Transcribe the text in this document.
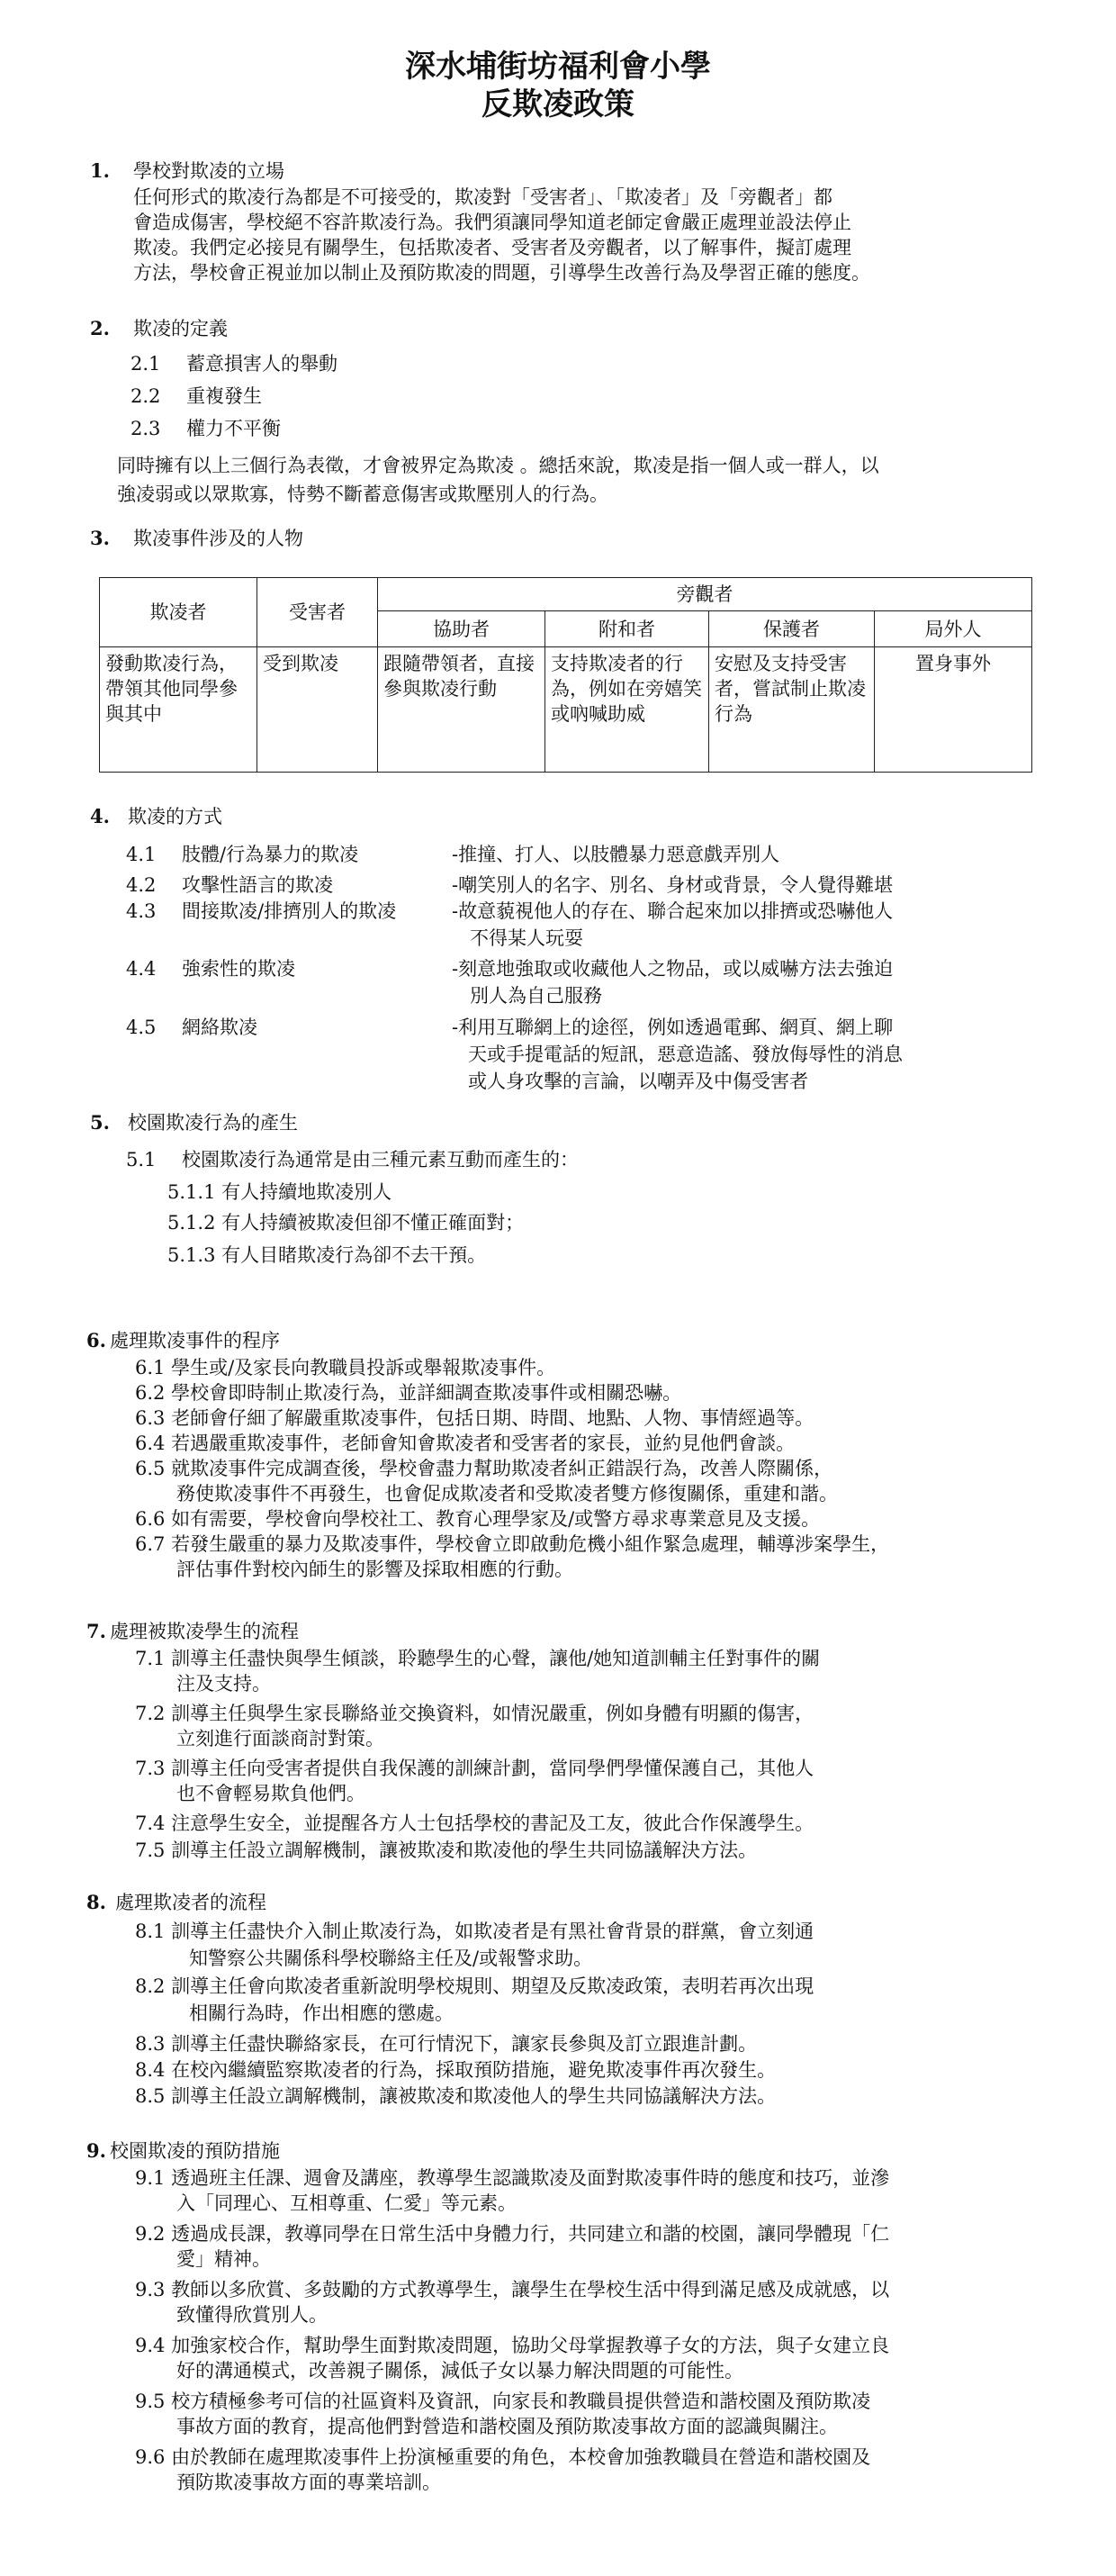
深水埔街坊福利會小學
反欺凌政策
1. 學校對欺凌的立場
任何形式的欺凌行為都是不可接受的，欺凌對「受害者」、「欺凌者」及「旁觀者」都
會造成傷害，學校絕不容許欺凌行為。我們須讓同學知道老師定會嚴正處理並設法停止
欺凌。我們定必接見有關學生，包括欺凌者、受害者及旁觀者，以了解事件，擬訂處理
方法，學校會正視並加以制止及預防欺凌的問題，引導學生改善行為及學習正確的態度。
2. 欺凌的定義
2.1 蓄意損害人的舉動
2.2 重複發生
2.3 權力不平衡
同時擁有以上三個行為表徵，才會被界定為欺凌 。總括來說，欺凌是指一個人或一群人，以
強凌弱或以眾欺寡，恃勢不斷蓄意傷害或欺壓別人的行為。
3. 欺凌事件涉及的人物
欺凌者	受害者	旁觀者			
		協助者	附和者	保護者	局外人
發動欺凌行為，帶領其他同學參與其中	受到欺凌	跟隨帶領者，直接參與欺凌行動	支持欺凌者的行為，例如在旁嬉笑或吶喊助威	安慰及支持受害者，嘗試制止欺凌行為	置身事外
4. 欺凌的方式
4.1 肢體/行為暴力的欺凌	-推撞、打人、以肢體暴力惡意戲弄別人
4.2 攻擊性語言的欺凌	-嘲笑別人的名字、別名、身材或背景，令人覺得難堪
4.3 間接欺凌/排擠別人的欺凌	-故意藐視他人的存在、聯合起來加以排擠或恐嚇他人
不得某人玩耍
4.4 強索性的欺凌	-刻意地強取或收藏他人之物品，或以威嚇方法去強迫
別人為自己服務
4.5 網絡欺凌	-利用互聯網上的途徑，例如透過電郵、網頁、網上聊
天或手提電話的短訊，惡意造謠、發放侮辱性的消息
或人身攻擊的言論，以嘲弄及中傷受害者
5. 校園欺凌行為的產生
5.1 校園欺凌行為通常是由三種元素互動而產生的：
5.1.1 有人持續地欺凌別人
5.1.2 有人持續被欺凌但卻不懂正確面對；
5.1.3 有人目睹欺凌行為卻不去干預。
6. 處理欺凌事件的程序
6.1 學生或/及家長向教職員投訴或舉報欺凌事件。
6.2 學校會即時制止欺凌行為，並詳細調查欺凌事件或相關恐嚇。
6.3 老師會仔細了解嚴重欺凌事件，包括日期、時間、地點、人物、事情經過等。
6.4 若遇嚴重欺凌事件，老師會知會欺凌者和受害者的家長，並約見他們會談。
6.5 就欺凌事件完成調查後，學校會盡力幫助欺凌者糾正錯誤行為，改善人際關係，
務使欺凌事件不再發生，也會促成欺凌者和受欺凌者雙方修復關係，重建和諧。
6.6 如有需要，學校會向學校社工、教育心理學家及/或警方尋求專業意見及支援。
6.7 若發生嚴重的暴力及欺凌事件，學校會立即啟動危機小組作緊急處理，輔導涉案學生，
評估事件對校內師生的影響及採取相應的行動。
7. 處理被欺凌學生的流程
7.1 訓導主任盡快與學生傾談，聆聽學生的心聲，讓他/她知道訓輔主任對事件的關
注及支持。
7.2 訓導主任與學生家長聯絡並交換資料，如情況嚴重，例如身體有明顯的傷害，
立刻進行面談商討對策。
7.3 訓導主任向受害者提供自我保護的訓練計劃，當同學們學懂保護自己，其他人
也不會輕易欺負他們。
7.4 注意學生安全，並提醒各方人士包括學校的書記及工友，彼此合作保護學生。
7.5 訓導主任設立調解機制，讓被欺凌和欺凌他的學生共同協議解決方法。
8. 處理欺凌者的流程
8.1 訓導主任盡快介入制止欺凌行為，如欺凌者是有黑社會背景的群黨，會立刻通
知警察公共關係科學校聯絡主任及/或報警求助。
8.2 訓導主任會向欺凌者重新說明學校規則、期望及反欺凌政策，表明若再次出現
相關行為時，作出相應的懲處。
8.3 訓導主任盡快聯絡家長，在可行情況下，讓家長參與及訂立跟進計劃。
8.4 在校內繼續監察欺凌者的行為，採取預防措施，避免欺凌事件再次發生。
8.5 訓導主任設立調解機制，讓被欺凌和欺凌他人的學生共同協議解決方法。
9. 校園欺凌的預防措施
9.1 透過班主任課、週會及講座，教導學生認識欺凌及面對欺凌事件時的態度和技巧，並滲
入「同理心、互相尊重、仁愛」等元素。
9.2 透過成長課，教導同學在日常生活中身體力行，共同建立和諧的校園，讓同學體現「仁
愛」精神。
9.3 教師以多欣賞、多鼓勵的方式教導學生，讓學生在學校生活中得到滿足感及成就感，以
致懂得欣賞別人。
9.4 加強家校合作，幫助學生面對欺凌問題，協助父母掌握教導子女的方法，與子女建立良
好的溝通模式，改善親子關係，減低子女以暴力解決問題的可能性。
9.5 校方積極參考可信的社區資料及資訊，向家長和教職員提供營造和諧校園及預防欺凌
事故方面的教育，提高他們對營造和諧校園及預防欺凌事故方面的認識與關注。
9.6 由於教師在處理欺凌事件上扮演極重要的角色，本校會加強教職員在營造和諧校園及
預防欺凌事故方面的專業培訓。
